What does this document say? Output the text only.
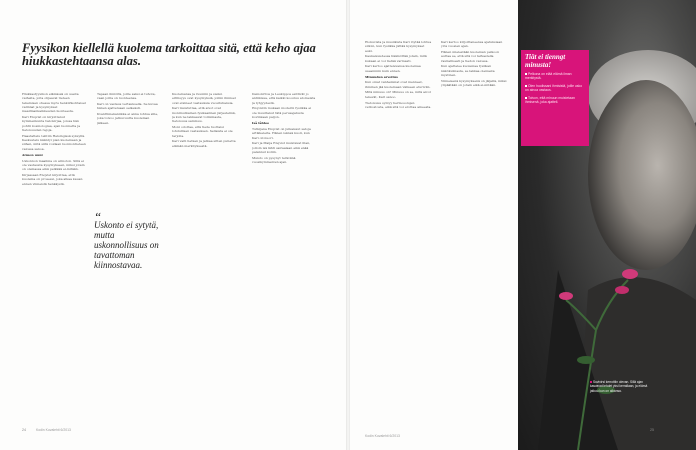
Fyysikon kiellellä kuolema tarkoittaa sitä, että keho ajaa hiukkastehtaansa alas.

Hiukkasfyysikon elämässä on useita vaiheita, joita ohjaavat tieteen tekemisen ohessa myös henkilökohtaiset valinnat ja kysymykset maailmankaikkeuden luonteesta.

Kari Enqvist on kirjoittanut kymmenkunta tietokirjaa, joissa hän pohtii kosmologiaa, ajan luonnetta ja tietoisuuden rajoja.

Haastattelu tehtiin Helsingissä syksyllä. Keskustelu kääntyi pian kuolemaan ja siihen, mitä siitä voidaan luonnontieteen valossa sanoa.

Armon uuni

Uskonnon maailma on armoton. Sillä ei ole vastausta kysymykseen, miksi jotain on olemassa eikä pelkkää ei-mitään.

Kirjassaan Enqvist kirjoittaa, että kuolema on prosessi, joka alkaa kauan ennen viimeistä henkäystä.

Tapaan ilmiöitä, joille saksi ei tuhota, vaan joilla on luonteensa.

Kari on vastaus vertauksella. Se kuvaa hänen ajatteluaan selkeästi.

Kvanttimekaniikka ei anna lohtua sille, joka toivoo jatkuvuutta kuoleman jälkeen.

“
Uskonto ei sytytä, mutta uskonnollisuus on tavattoman kiinnostavaa.

Kuolemansa ja ruumiin ja sielun erillisyys ovat kysymyksiä, joihin ihmiset ovat etsineet vastauksia vuosituhansia.

Kari muistuttaa, että aivot ovat monimutkainen fysikaalinen järjestelmä, ja kun ne lakkaavat toimimasta, tietoisuus sammuu.

Moni odottaa, että tiede tuottaisi lohdullisen vastauksen. Sellaista ei ole tarjolla.

Kari vaiti hetken ja jatkaa sitten puhetta elämän merkityksestä.

Demokritos ja Leukippos esittivät jo antiikissa, että kaikki koostuu atomeista ja tyhjyydestä.

Enqvistin mukaan moderni fysiikka ei ole muuttanut tätä perusajatusta kovinkaan paljon.

Isä lähtee

Tutkijana Enqvist on julkaissut satoja artikkeleita. Hänen isänsä kuoli, kun Kari oli nuori.

Kari ja Maija Enqvist muistavat illan, jolloin isä lähti sairaalaan eikä enää palannut kotiin.

Muisto on pysynyt terävänä vuosikymmenten ajan.

Elokuvista ja musiikista Kari löytää lohtua silloin, kun fysiikka jättää kysymykset auki.

Kaukaisuudessa häämöttää jotain, mitä kukaan ei voi tietää varmasti.

Kari kertoo ajattelevansa kuolemaa useammin kuin ennen.

Minuuden arvoitus

Kun omat vanhemmat ovat menneet, ihminen jää kuolemaan väliseen eturiviin.

Mitä minuus on? Minuus on se, mitä aivot tekevät, Kari sanoo.

Tietoisuus syntyy hermosolujen verkostosta, eikä sitä voi erottaa aineesta.

Kari kertoo kirjoittaneensa ajatuksiaan ylös vuosien ajan.

Hänen mielestään kuoleman pelkoon auttaa se, että sitä voi tarkastella rauhallisesti ja tiedon valossa.

Kun ajattelee kuolemaa fysiikan näkökulmasta, se lakkaa olemasta mystinen.

Viimeisenä kysymyksenä on jäljellä, miksi ylipäätään on jotain eikä ei-mitään.

Tiät ei tienngt minusta!

Pelkona on elää elämä ilman merkitystä.

Olen huolissani ihmisistä, joille usko on ainoa vastaus.

Toivon, että minuun muistetaan ihmisenä, joka ajatteli.

Suvivirsi kerrottiin olevan. Sillä ajan kasvavat lehdet yksi kerrallaan, ja elämä jatkuu kun on aikansa.
24	25
Kodin Kuvalehti 6/2013
Kodin Kuvalehti 6/2013
